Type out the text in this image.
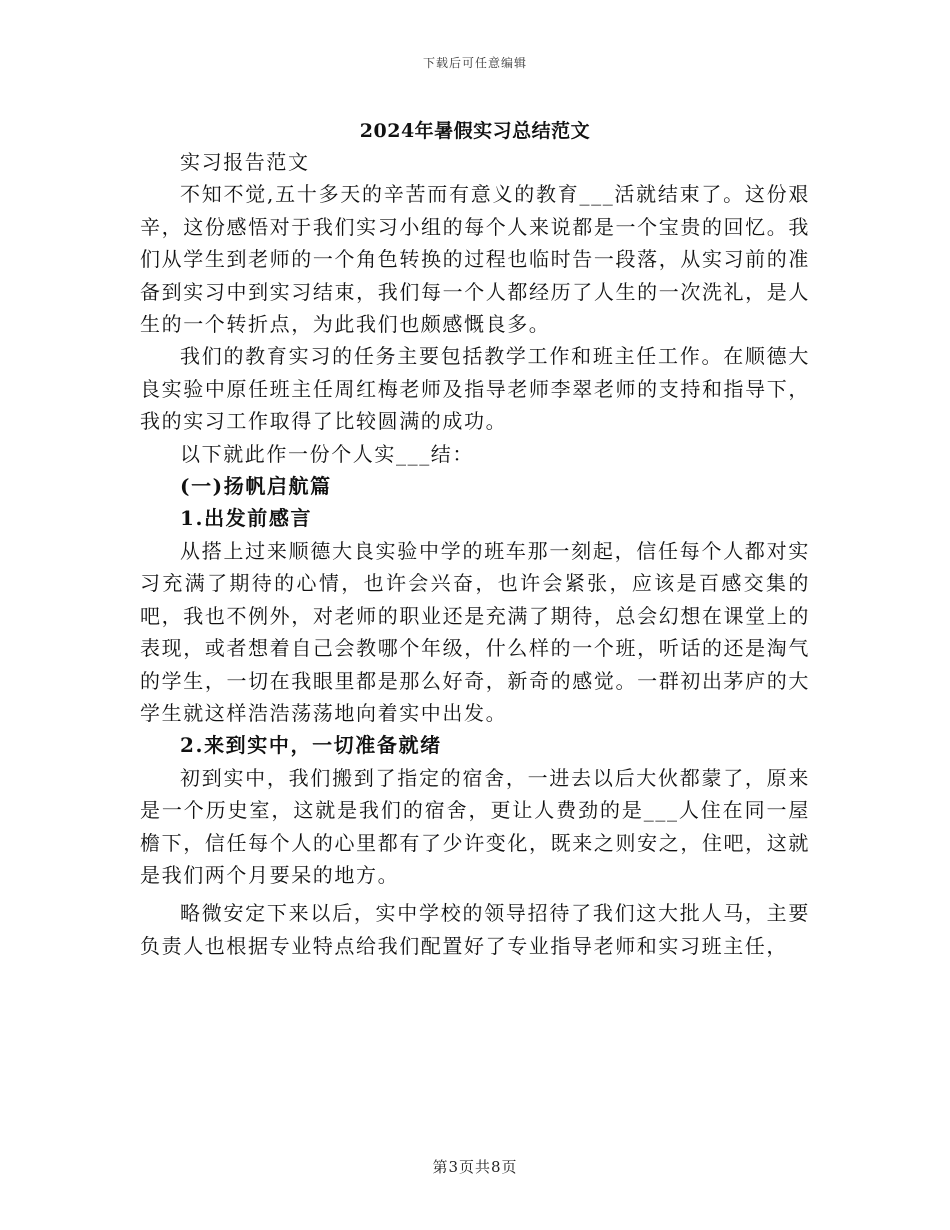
下载后可任意编辑
2024年暑假实习总结范文

实习报告范文

不知不觉,五十多天的辛苦而有意义的教育___活就结束了。这份艰辛，这份感悟对于我们实习小组的每个人来说都是一个宝贵的回忆。我们从学生到老师的一个角色转换的过程也临时告一段落，从实习前的准备到实习中到实习结束，我们每一个人都经历了人生的一次洗礼，是人生的一个转折点，为此我们也颇感慨良多。

我们的教育实习的任务主要包括教学工作和班主任工作。在顺德大良实验中原任班主任周红梅老师及指导老师李翠老师的支持和指导下，我的实习工作取得了比较圆满的成功。

以下就此作一份个人实___结：

(一)扬帆启航篇

1.出发前感言

从搭上过来顺德大良实验中学的班车那一刻起，信任每个人都对实习充满了期待的心情，也许会兴奋，也许会紧张，应该是百感交集的吧，我也不例外，对老师的职业还是充满了期待，总会幻想在课堂上的表现，或者想着自己会教哪个年级，什么样的一个班，听话的还是淘气的学生，一切在我眼里都是那么好奇，新奇的感觉。一群初出茅庐的大学生就这样浩浩荡荡地向着实中出发。

2.来到实中，一切准备就绪

初到实中，我们搬到了指定的宿舍，一进去以后大伙都蒙了，原来是一个历史室，这就是我们的宿舍，更让人费劲的是___人住在同一屋檐下，信任每个人的心里都有了少许变化，既来之则安之，住吧，这就是我们两个月要呆的地方。

略微安定下来以后，实中学校的领导招待了我们这大批人马，主要负责人也根据专业特点给我们配置好了专业指导老师和实习班主任，

第3页共8页
